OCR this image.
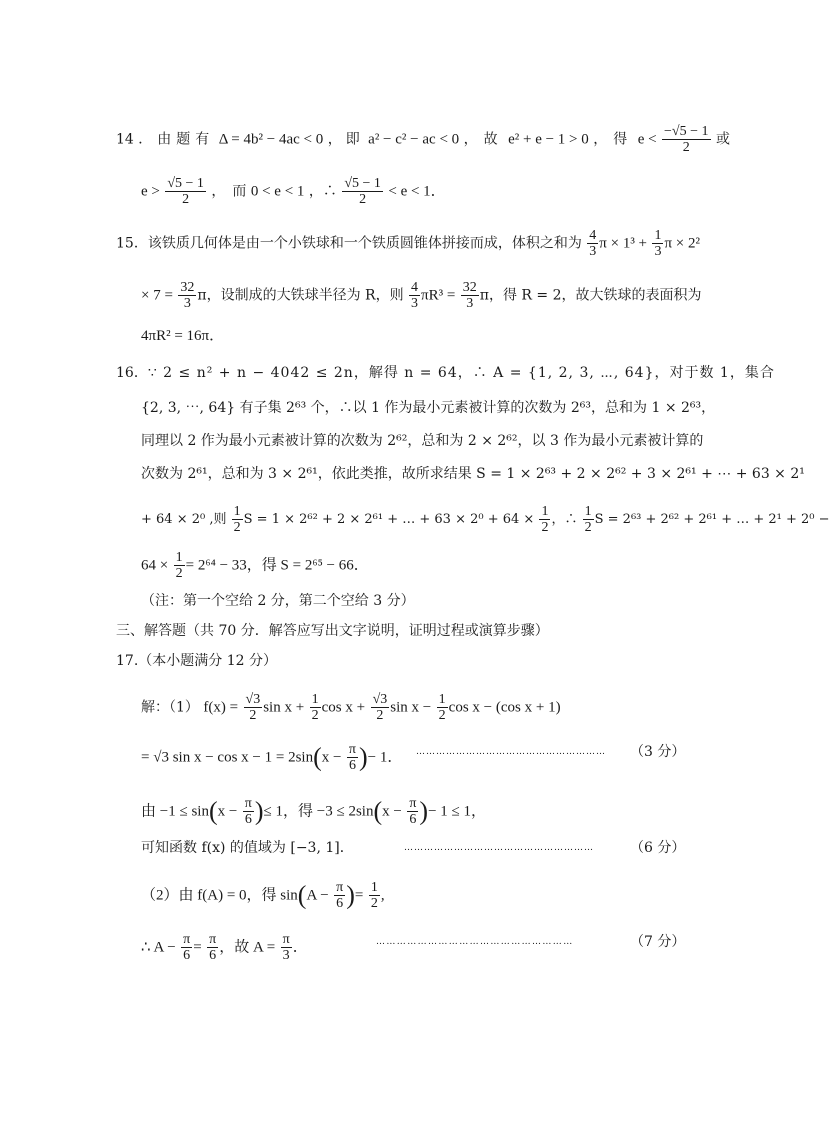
14 ．由题有 Δ = 4b² − 4ac < 0 ，即 a² − c² − ac < 0 ，故 e² + e − 1 > 0 ，得 $e < \frac{-√5 - 1}{2}$ 或
$e > \frac{√5 - 1}{2}$ ，　而 0 < e < 1 ，∴ $\frac{√5 - 1}{2} < e < 1$．
15．该铁质几何体是由一个小铁球和一个铁质圆锥体拼接而成，体积之和为 $\frac{4}{3}$ $\pi \times 1^3 + \frac{1}{3}$ π × 2²
× $7 = \frac{32}{3}$ π，设制成的大铁球半径为 R，则 $\frac{4}{3} \pi R^3 = \frac{32}{3}$ π，得 R = 2，故大铁球的表面积为
4πR² = 16π．
16．∵ 2 ≤ n² + n − 4042 ≤ 2n，解得 n = 64，∴ A = {1, 2, 3, ⋯, 64}，对于数 1，集合
{2, 3, ⋯, 64} 有子集 2⁶³ 个，∴以 1 作为最小元素被计算的次数为 2⁶³，总和为 1 × 2⁶³，
同理以 2 作为最小元素被计算的次数为 2⁶²，总和为 2 × 2⁶²，以 3 作为最小元素被计算的
次数为 2⁶¹，总和为 3 × 2⁶¹，依此类推，故所求结果 S = 1 × 2⁶³ + 2 × 2⁶² + 3 × 2⁶¹ + ⋯ + 63 × 2¹
+ 64 × 2⁰ ,则 $\frac{1}{2}$ S = 1 × 2⁶² + 2 × 2⁶¹ + … + $63 \times 2^0 + 64 \times \frac{1}{2}$ ，∴ $\frac{1}{2}$ S = 2⁶³ + 2⁶² + 2⁶¹ + … + 2¹ + 2⁰ −
$64 \times \frac{1}{2} = 2^{64} - 33$，得 S = 2⁶⁵ − 66．
（注：第一个空给 2 分，第二个空给 3 分）
三、解答题（共 70 分．解答应写出文字说明，证明过程或演算步骤）
17.（本小题满分 12 分）
解：（1） $f(x) = \frac{√3}{2}$ $\sin x + \frac{1}{2}$ $\cos x + \frac{√3}{2}$ $\sin x - \frac{1}{2}$ cos x − (cos x + 1)
= √3 $\sin x - \cos x - 1 = 2\sin(x - \frac{\pi}{6}$ )− 1． ………………………………………………… （3 分）
由 $-1 \le \sin(x - \frac{\pi}{6}$ )≤ 1，得 $-3 \le 2\sin(x - \frac{\pi}{6}$ )− 1 ≤ 1，
可知函数 f(x) 的值域为 [−3, 1]．	…………………………………………………	（6 分）
（2）由 f(A) = 0，得 $\sin(A - \frac{\pi}{6}$ )= $\frac{1}{2}$ ,
∴ $A - \frac{\pi}{6} = \frac{\pi}{6}$ ，故 $A = \frac{\pi}{3}$ ．	…………………………………………………	（7 分）
